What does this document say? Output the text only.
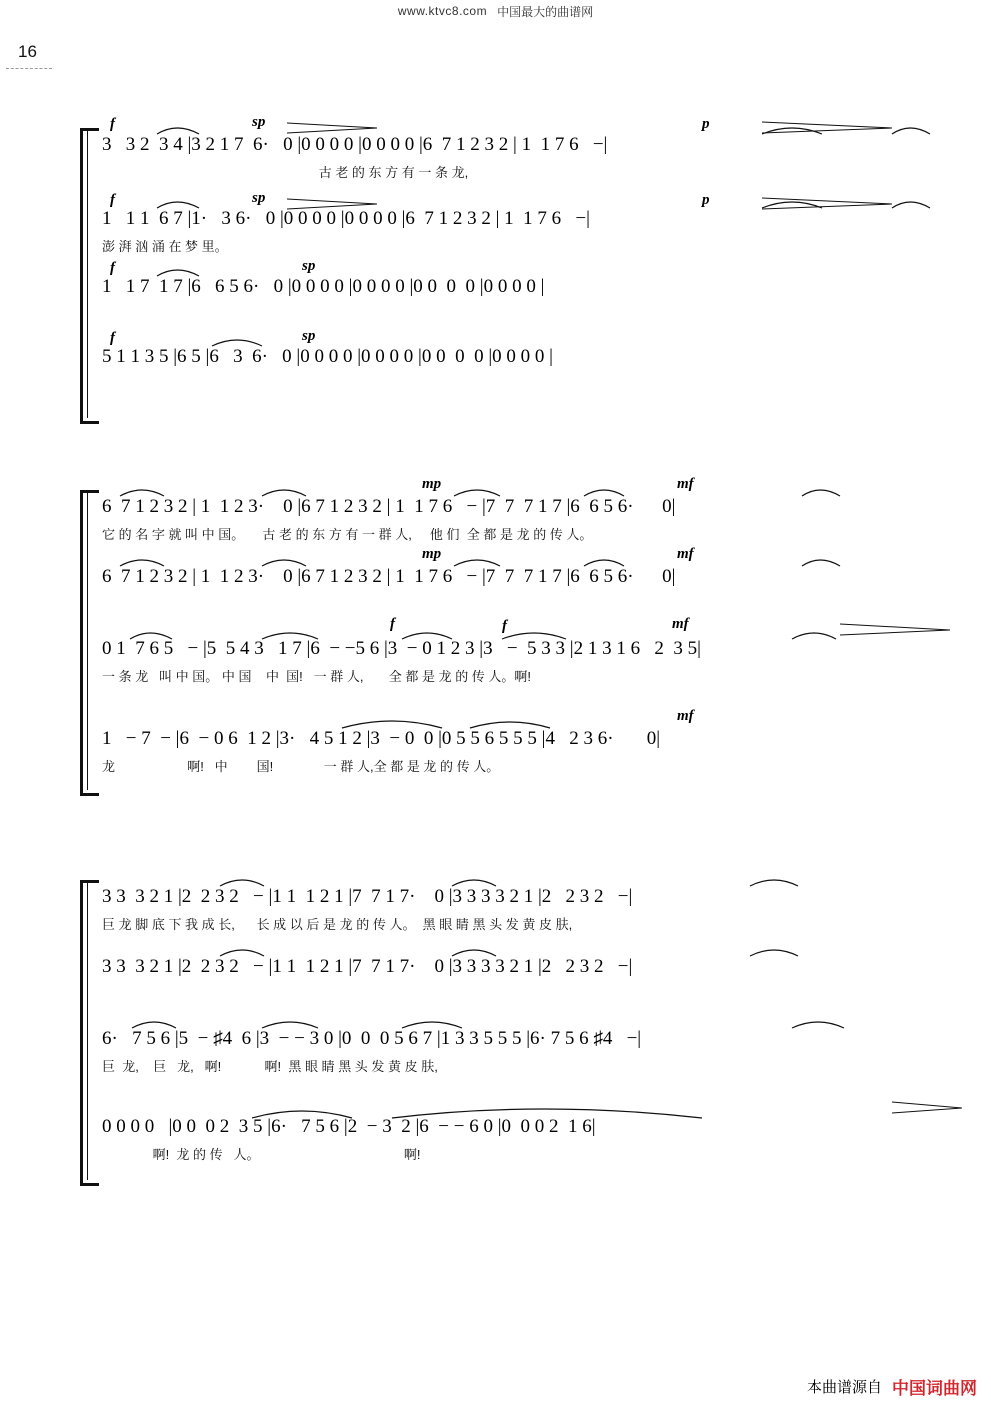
www.ktvc8.com 中国最大的曲谱网
16
f	sp	p
3   3 2  3 4 |3 2 1 7  6·   0 |0 0 0 0 |0 0 0 0 |6  7 1 2 3 2 | 1  1 7 6   −|
古 老 的 东 方 有 一 条 龙,
f	sp	p
1   1 1  6 7 |1·   3 6·   0 |0 0 0 0 |0 0 0 0 |6  7 1 2 3 2 | 1  1 7 6   −|
澎 湃 汹 涌 在 梦 里。
f	sp
1   1 7  1 7 |6   6 5 6·   0 |0 0 0 0 |0 0 0 0 |0 0  0  0 |0 0 0 0 |
f	sp
5 1 1 3 5 |6 5 |6   3  6·   0 |0 0 0 0 |0 0 0 0 |0 0  0  0 |0 0 0 0 |
mp	mf
6  7 1 2 3 2 | 1  1 2 3·    0 |6 7 1 2 3 2 | 1  1 7 6   − |7  7  7 1 7 |6  6 5 6·      0|
它 的 名 字 就 叫 中 国。     古 老 的 东 方 有 一 群 人,     他 们  全 都 是 龙 的 传 人。
mp	mf
6  7 1 2 3 2 | 1  1 2 3·    0 |6 7 1 2 3 2 | 1  1 7 6   − |7  7  7 1 7 |6  6 5 6·      0|
f	f	mf
0 1  7 6 5   − |5  5 4 3   1 7 |6  − −5 6 |3  − 0 1 2 3 |3   −  5 3 3 |2 1 3 1 6   2  3 5|
一 条 龙   叫 中 国。 中 国    中  国!   一 群 人,       全 都 是 龙 的 传 人。啊!
mf
1   − 7  − |6  − 0 6  1 2 |3·   4 5 1 2 |3  − 0  0 |0 5 5 6 5 5 5 |4   2 3 6·       0|
龙                    啊!   中        国!              一 群 人,全 都 是 龙 的 传 人。
3 3  3 2 1 |2  2 3 2   − |1 1  1 2 1 |7  7 1 7·    0 |3 3 3 3 2 1 |2   2 3 2   −|
巨 龙 脚 底 下 我 成 长,      长 成 以 后 是 龙 的 传 人。  黑 眼 睛 黑 头 发 黄 皮 肤,
3 3  3 2 1 |2  2 3 2   − |1 1  1 2 1 |7  7 1 7·    0 |3 3 3 3 2 1 |2   2 3 2   −|
6·   7 5 6 |5  − ♯4  6 |3  − − 3 0 |0  0  0 5 6 7 |1 3 3 5 5 5 |6· 7 5 6 ♯4   −|
巨  龙,    巨   龙,   啊!            啊!  黑 眼 睛 黑 头 发 黄 皮 肤,
0 0 0 0   |0 0  0 2  3 5 |6·   7 5 6 |2  − 3  2 |6  − − 6 0 |0  0 0 2  1 6|
啊!  龙 的 传   人。                                        啊!
本曲谱源自 中国词曲网
